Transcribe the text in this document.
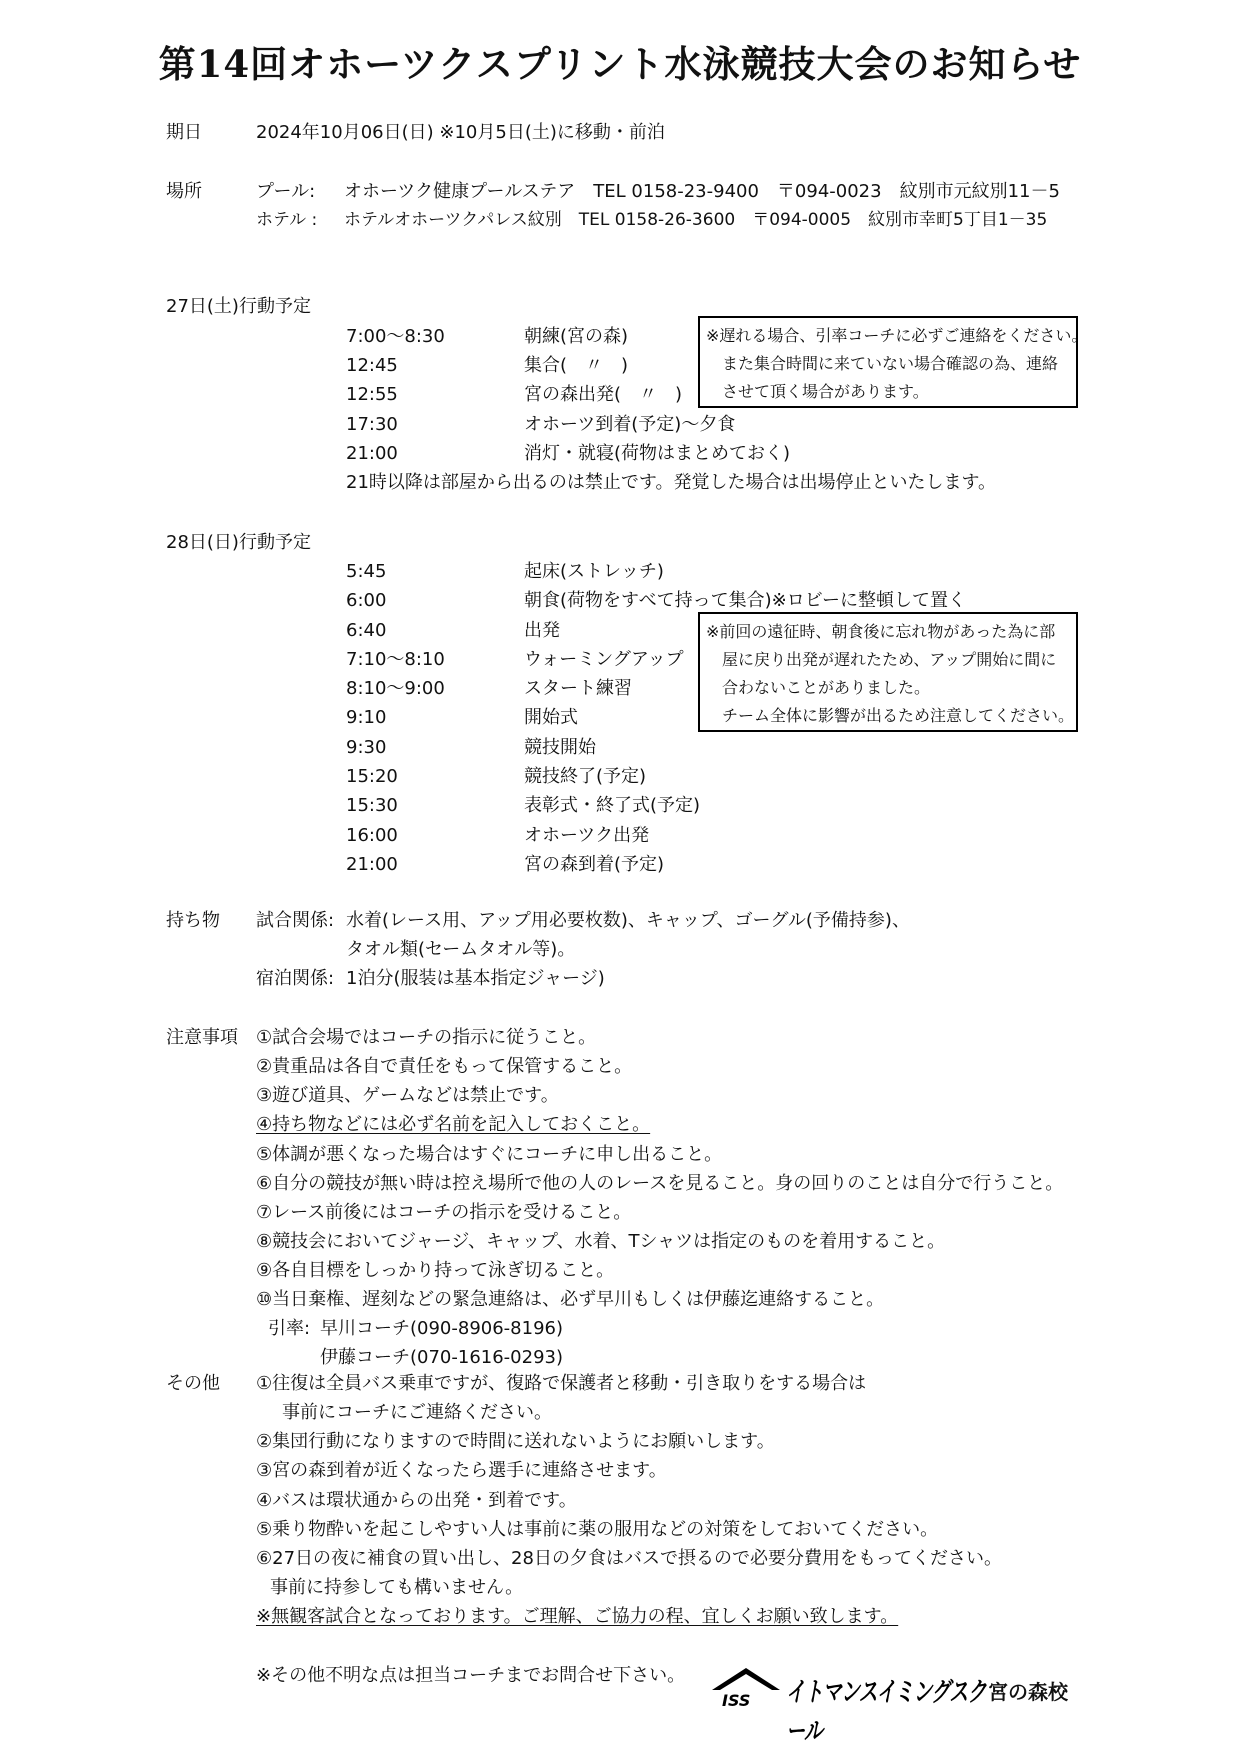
第14回オホーツクスプリント水泳競技大会のお知らせ
期日	2024年10月06日(日) ※10月5日(土)に移動・前泊
場所	プール: オホーツク健康プールステア　TEL 0158-23-9400　〒094-0023　紋別市元紋別11－5
ホテル : ホテルオホーツクパレス紋別　TEL 0158-26-3600　〒094-0005　紋別市幸町5丁目1－35
27日(土)行動予定
7:00～8:30	朝練(宮の森)
12:45	集合(　〃　)
12:55	宮の森出発(　〃　)
17:30	オホーツ到着(予定)～夕食
21:00	消灯・就寝(荷物はまとめておく)
21時以降は部屋から出るのは禁止です。発覚した場合は出場停止といたします。
※遅れる場合、引率コーチに必ずご連絡をください。
　また集合時間に来ていない場合確認の為、連絡
　させて頂く場合があります。
28日(日)行動予定
5:45	起床(ストレッチ)
6:00	朝食(荷物をすべて持って集合)※ロビーに整頓して置く
6:40	出発
7:10～8:10	ウォーミングアップ
8:10～9:00	スタート練習
9:10	開始式
9:30	競技開始
15:20	競技終了(予定)
15:30	表彰式・終了式(予定)
16:00	オホーツク出発
21:00	宮の森到着(予定)
※前回の遠征時、朝食後に忘れ物があった為に部
　屋に戻り出発が遅れたため、アップ開始に間に
　合わないことがありました。
　チーム全体に影響が出るため注意してください。
持ち物 試合関係: 水着(レース用、アップ用必要枚数)、キャップ、ゴーグル(予備持参)、
タオル類(セームタオル等)。
宿泊関係: 1泊分(服装は基本指定ジャージ)
注意事項 ①試合会場ではコーチの指示に従うこと。
②貴重品は各自で責任をもって保管すること。
③遊び道具、ゲームなどは禁止です。
④持ち物などには必ず名前を記入しておくこと。
⑤体調が悪くなった場合はすぐにコーチに申し出ること。
⑥自分の競技が無い時は控え場所で他の人のレースを見ること。身の回りのことは自分で行うこと。
⑦レース前後にはコーチの指示を受けること。
⑧競技会においてジャージ、キャップ、水着、Tシャツは指定のものを着用すること。
⑨各自目標をしっかり持って泳ぎ切ること。
⑩当日棄権、遅刻などの緊急連絡は、必ず早川もしくは伊藤迄連絡すること。
引率: 早川コーチ(090-8906-8196)
伊藤コーチ(070-1616-0293)
その他 ①往復は全員バス乗車ですが、復路で保護者と移動・引き取りをする場合は
事前にコーチにご連絡ください。
②集団行動になりますので時間に送れないようにお願いします。
③宮の森到着が近くなったら選手に連絡させます。
④バスは環状通からの出発・到着です。
⑤乗り物酔いを起こしやすい人は事前に薬の服用などの対策をしておいてください。
⑥27日の夜に補食の買い出し、28日の夕食はバスで摂るので必要分費用をもってください。
事前に持参しても構いません。
※無観客試合となっております。ご理解、ご協力の程、宜しくお願い致します。
※その他不明な点は担当コーチまでお問合せ下さい。
ISS イトマンスイミングスクール
宮の森校
